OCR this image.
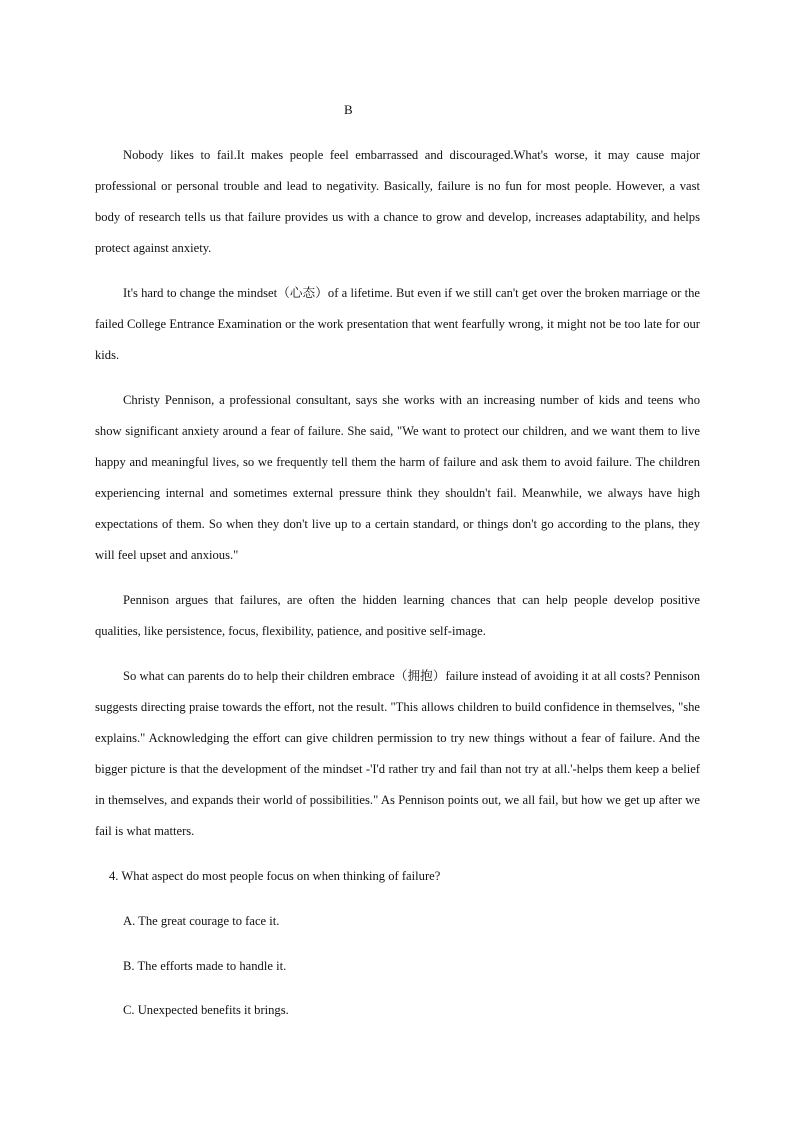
B

Nobody likes to fail.It makes people feel embarrassed and discouraged.What's worse, it may cause major professional or personal trouble and lead to negativity. Basically, failure is no fun for most people. However, a vast body of research tells us that failure provides us with a chance to grow and develop, increases adaptability, and helps protect against anxiety.

It's hard to change the mindset（心态）of a lifetime. But even if we still can't get over the broken marriage or the failed College Entrance Examination or the work presentation that went fearfully wrong, it might not be too late for our kids.

Christy Pennison, a professional consultant, says she works with an increasing number of kids and teens who show significant anxiety around a fear of failure. She said, "We want to protect our children, and we want them to live happy and meaningful lives, so we frequently tell them the harm of failure and ask them to avoid failure. The children experiencing internal and sometimes external pressure think they shouldn't fail. Meanwhile, we always have high expectations of them. So when they don't live up to a certain standard, or things don't go according to the plans, they will feel upset and anxious."

Pennison argues that failures, are often the hidden learning chances that can help people develop positive qualities, like persistence, focus, flexibility, patience, and positive self-image.

So what can parents do to help their children embrace（拥抱）failure instead of avoiding it at all costs? Pennison suggests directing praise towards the effort, not the result. "This allows children to build confidence in themselves, "she explains." Acknowledging the effort can give children permission to try new things without a fear of failure. And the bigger picture is that the development of the mindset -'I'd rather try and fail than not try at all.'-helps them keep a belief in themselves, and expands their world of possibilities." As Pennison points out, we all fail, but how we get up after we fail is what matters.

4. What aspect do most people focus on when thinking of failure?

A. The great courage to face it.

B. The efforts made to handle it.

C. Unexpected benefits it brings.
